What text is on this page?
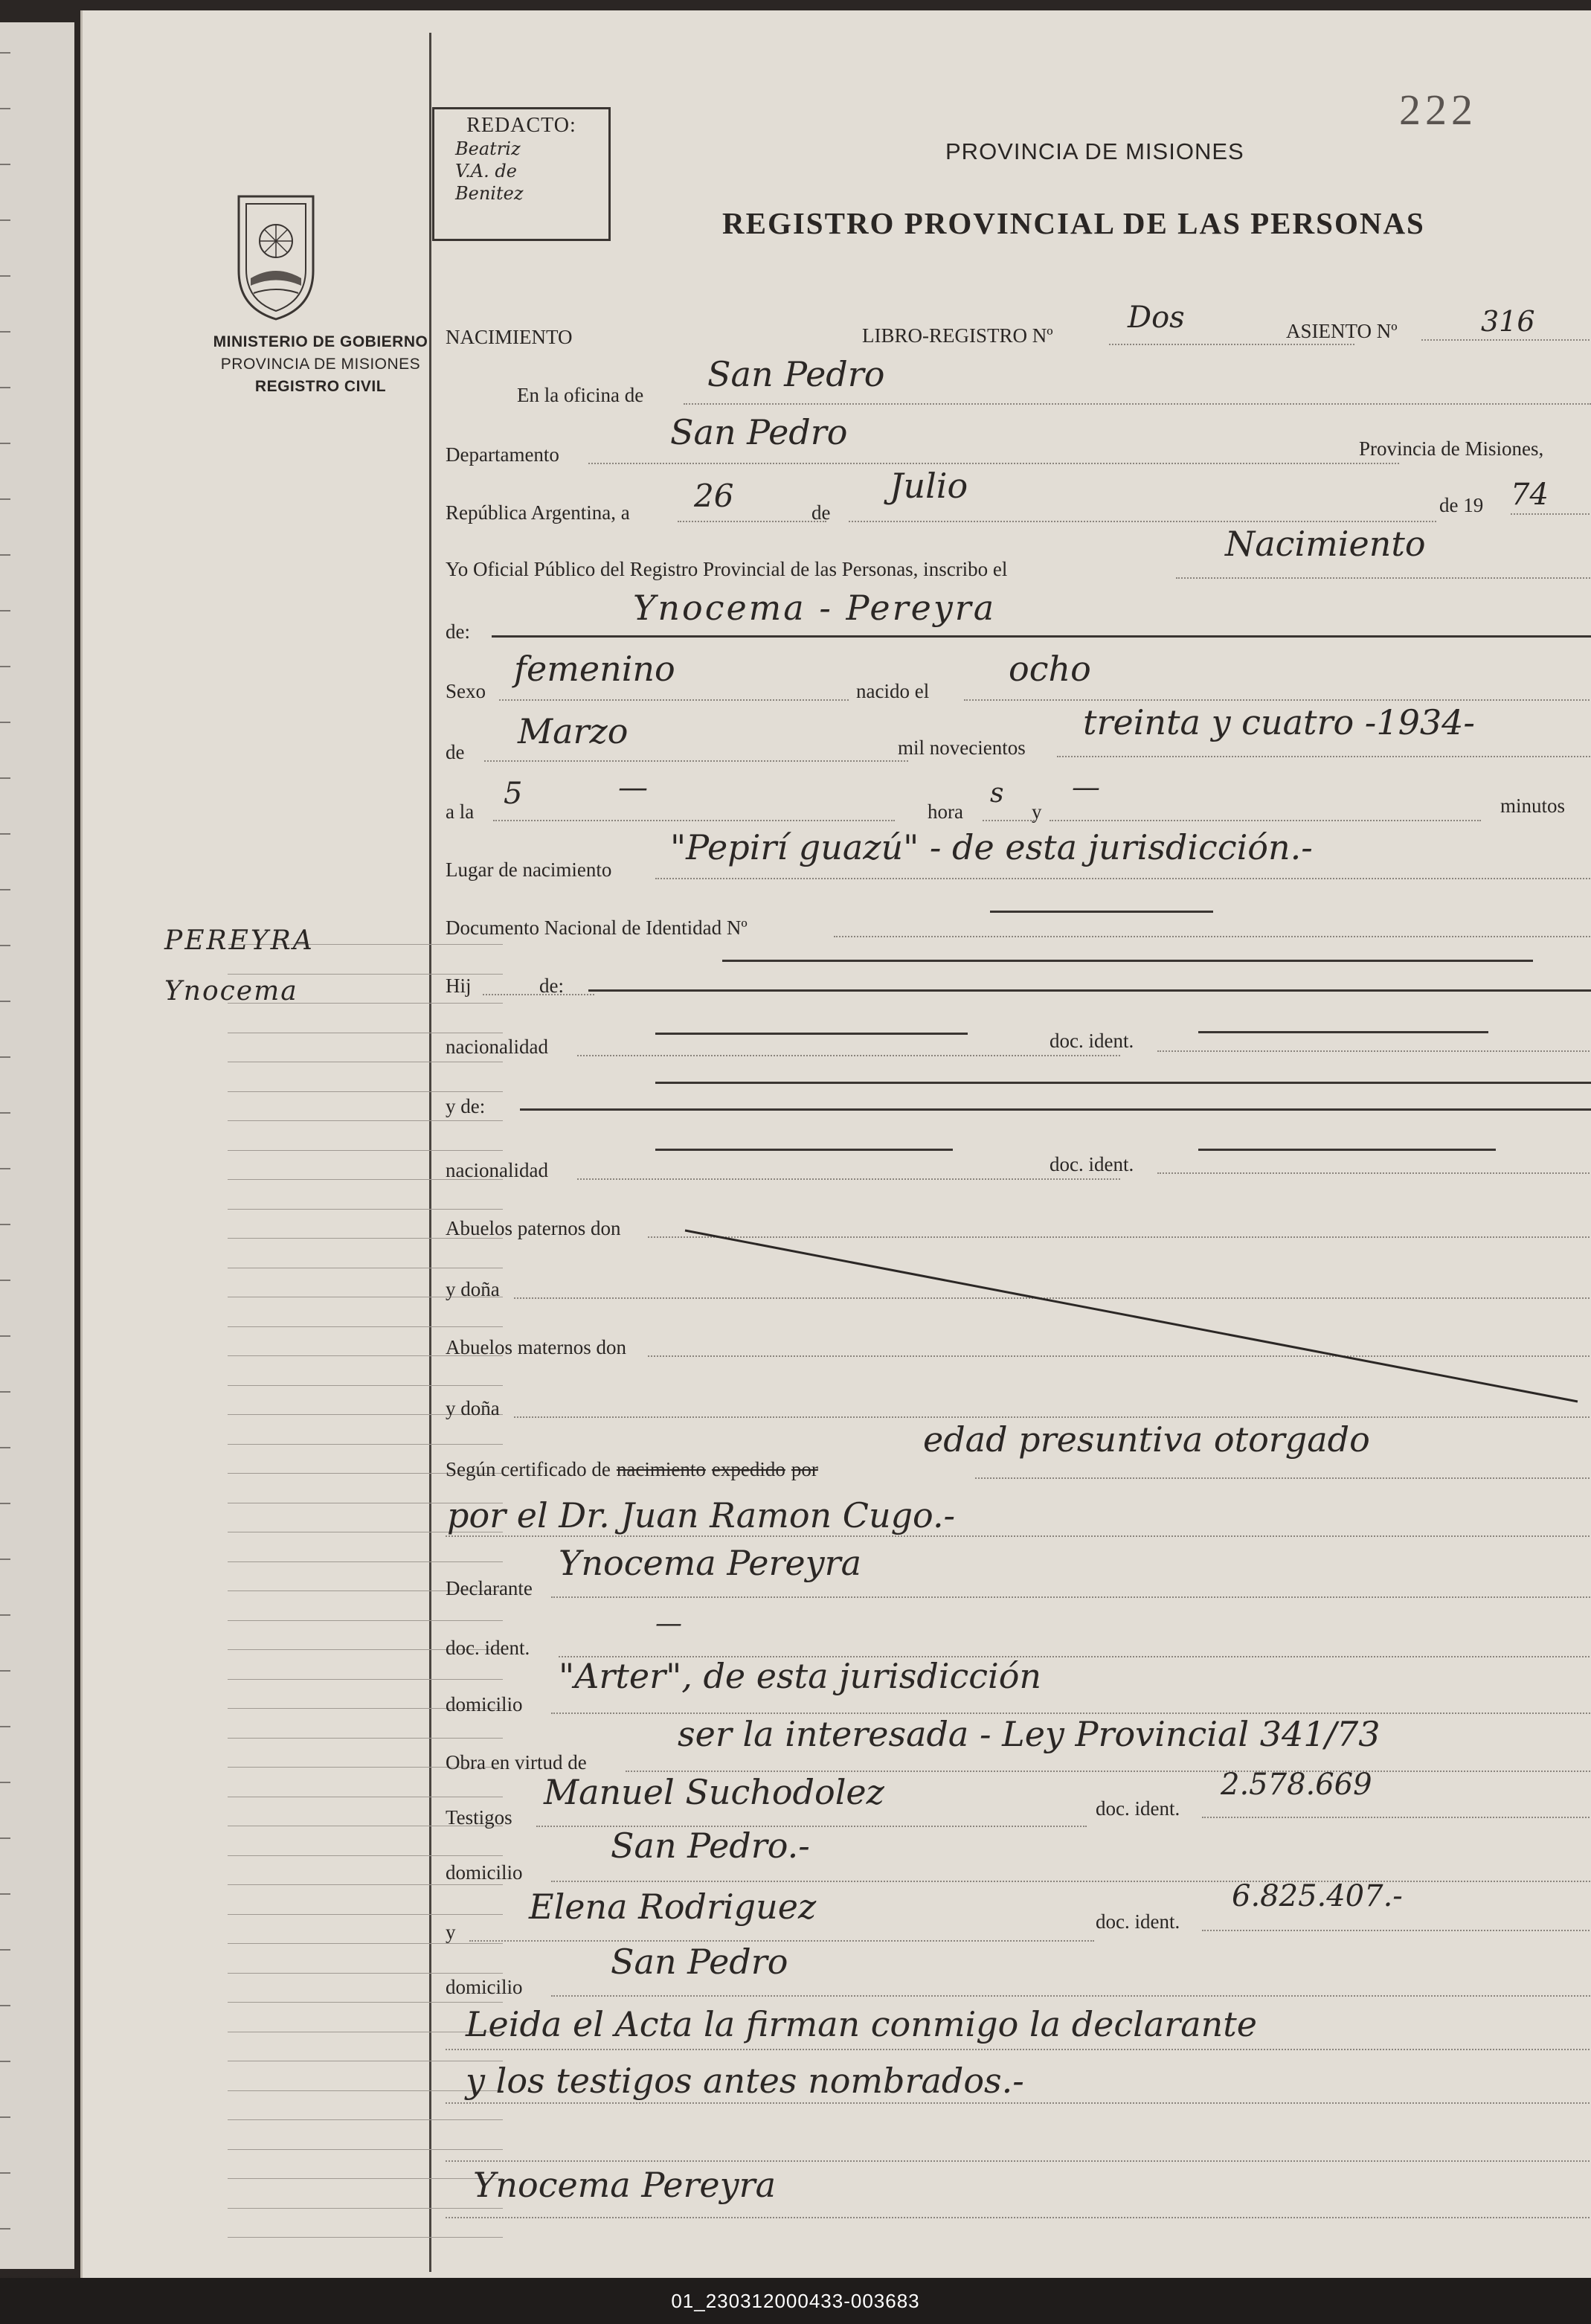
MINISTERIO DE GOBIERNO
PROVINCIA DE MISIONES
REGISTRO CIVIL
PEREYRA
Ynocema
REDACTO:
Beatriz
V.A. de
Benitez
222
PROVINCIA DE MISIONES
REGISTRO PROVINCIAL DE LAS PERSONAS
NACIMIENTO	LIBRO-REGISTRO Nº
Dos	ASIENTO Nº	316
En la oficina de
San Pedro
Departamento
San Pedro	Provincia de Misiones,
República Argentina, a 26	de
Julio	de 19 74
Yo Oficial Público del Registro Provincial de las Personas, inscribo el
Nacimiento
de:
Ynocema - Pereyra
Sexo
femenino
nacido el
ocho
de
Marzo	mil novecientos
treinta y cuatro -1934-
a la
5	—
hora
s
y
—
minutos
Lugar de nacimiento
"Pepirí guazú" - de esta jurisdicción.-
Documento Nacional de Identidad Nº
Hij	de:
nacionalidad	doc. ident.
y de:
nacionalidad	doc. ident.
Abuelos paternos don
y doña
Abuelos maternos don
y doña
Según certificado de nacimiento expedido por
edad presuntiva otorgado
por el Dr. Juan Ramon Cugo.-
Declarante
Ynocema Pereyra
doc. ident.
—
domicilio
"Arter", de esta jurisdicción
Obra en virtud de
ser la interesada - Ley Provincial 341/73
Testigos
Manuel Suchodolez	doc. ident.
2.578.669
domicilio
San Pedro.-
y
Elena Rodriguez	doc. ident.
6.825.407.-
domicilio
San Pedro
Leida el Acta la firman conmigo la declarante
y los testigos antes nombrados.-
Ynocema Pereyra
01_230312000433-003683
